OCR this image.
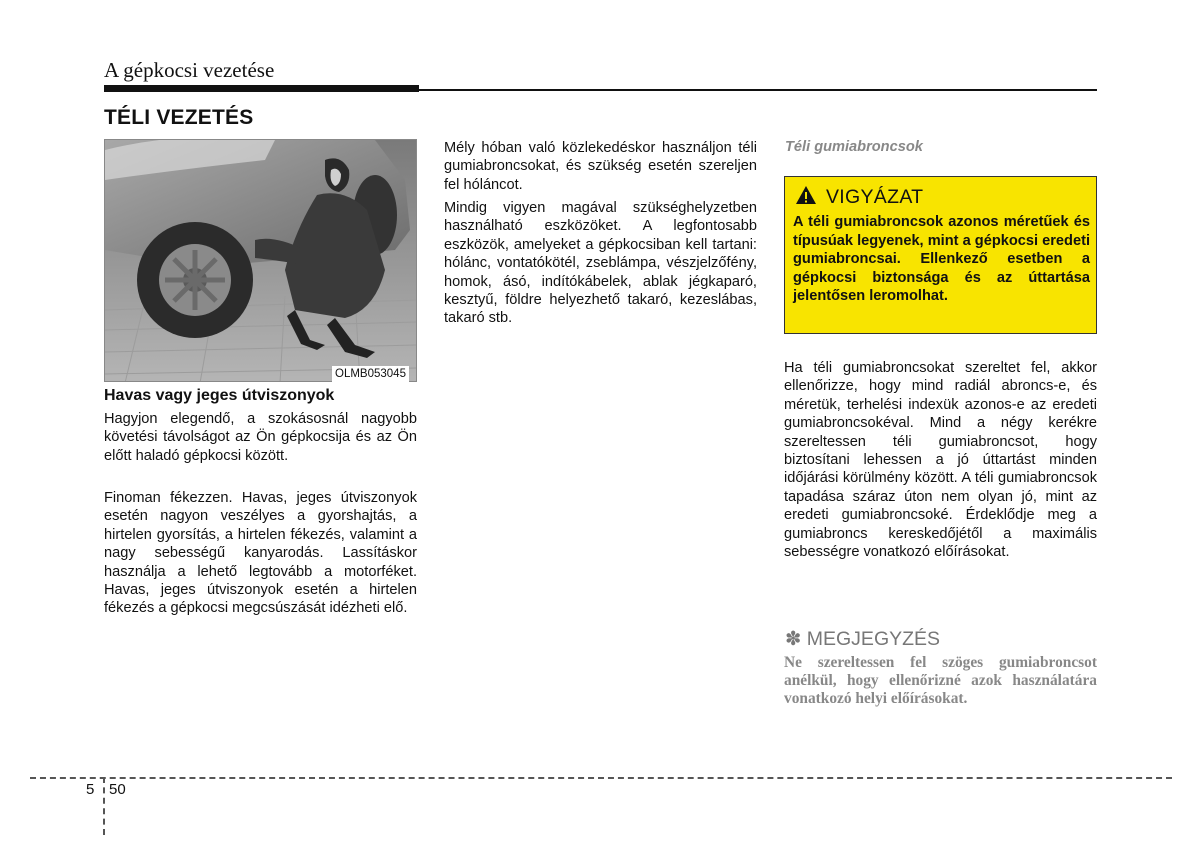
A gépkocsi vezetése
TÉLI VEZETÉS
OLMB053045
Havas vagy jeges útviszonyok

Hagyjon elegendő, a szokásosnál nagyobb követési távolságot az Ön gépkocsija és az Ön előtt haladó gépkocsi között.

Finoman fékezzen. Havas, jeges útviszonyok esetén nagyon veszélyes a gyorshajtás, a hirtelen gyorsítás, a hirtelen fékezés, valamint a nagy sebességű kanyarodás. Lassításkor használja a lehető legtovább a motorféket. Havas, jeges útviszonyok esetén a hirtelen fékezés a gépkocsi megcsúszását idézheti elő.

Mély hóban való közlekedéskor használjon téli gumiabroncsokat, és szükség esetén szereljen fel hóláncot.

Mindig vigyen magával szükséghelyzetben használható eszközöket. A legfontosabb eszközök, amelyeket a gépkocsiban kell tartani: hólánc, vontatókötél, zseblámpa, vészjelzőfény, homok, ásó, indítókábelek, ablak jégkaparó, kesztyű, földre helyezhető takaró, kezeslábas, takaró stb.

Téli gumiabroncsok
VIGYÁZAT

A téli gumiabroncsok azonos méretűek és típusúak legyenek, mint a gépkocsi eredeti gumiabroncsai. Ellenkező esetben a gépkocsi biztonsága és az úttartása jelentősen leromolhat.

Ha téli gumiabroncsokat szereltet fel, akkor ellenőrizze, hogy mind radiál abroncs-e, és méretük, terhelési indexük azonos-e az eredeti gumiabroncsokéval. Mind a négy kerékre szereltessen téli gumiabroncsot, hogy biztosítani lehessen a jó úttartást minden időjárási körülmény között. A téli gumiabroncsok tapadása száraz úton nem olyan jó, mint az eredeti gumiabroncsoké. Érdeklődje meg a gumiabroncs kereskedőjétől a maximális sebességre vonatkozó előírásokat.

✽ MEGJEGYZÉS

Ne szereltessen fel szöges gumiabroncsot anélkül, hogy ellenőrizné azok használatára vonatkozó helyi előírásokat.

5 50
